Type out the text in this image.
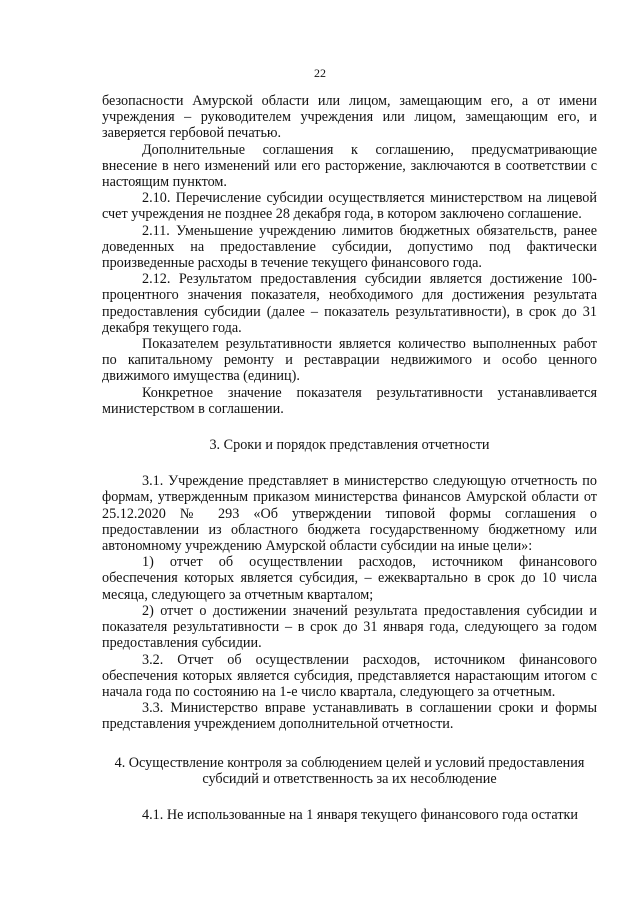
22

безопасности Амурской области или лицом, замещающим его, а от имени учреждения – руководителем учреждения или лицом, замещающим его, и заверяется гербовой печатью.

Дополнительные соглашения к соглашению, предусматривающие внесение в него изменений или его расторжение, заключаются в соответствии с настоящим пунктом.

2.10. Перечисление субсидии осуществляется министерством на лицевой счет учреждения не позднее 28 декабря года, в котором заключено соглашение.

2.11. Уменьшение учреждению лимитов бюджетных обязательств, ранее доведенных на предоставление субсидии, допустимо под фактически произведенные расходы в течение текущего финансового года.

2.12. Результатом предоставления субсидии является достижение 100-процентного значения показателя, необходимого для достижения результата предоставления субсидии (далее – показатель результативности), в срок до 31 декабря текущего года.

Показателем результативности является количество выполненных работ по капитальному ремонту и реставрации недвижимого и особо ценного движимого имущества (единиц).

Конкретное значение показателя результативности устанавливается министерством в соглашении.

3. Сроки и порядок представления отчетности

3.1. Учреждение представляет в министерство следующую отчетность по формам, утвержденным приказом министерства финансов Амурской области от 25.12.2020 № 293 «Об утверждении типовой формы соглашения о предоставлении из областного бюджета государственному бюджетному или автономному учреждению Амурской области субсидии на иные цели»:

1) отчет об осуществлении расходов, источником финансового обеспечения которых является субсидия, – ежеквартально в срок до 10 числа месяца, следующего за отчетным кварталом;

2) отчет о достижении значений результата предоставления субсидии и показателя результативности – в срок до 31 января года, следующего за годом предоставления субсидии.

3.2. Отчет об осуществлении расходов, источником финансового обеспечения которых является субсидия, представляется нарастающим итогом с начала года по состоянию на 1-е число квартала, следующего за отчетным.

3.3. Министерство вправе устанавливать в соглашении сроки и формы представления учреждением дополнительной отчетности.

4. Осуществление контроля за соблюдением целей и условий предоставления
субсидий и ответственность за их несоблюдение

4.1. Не использованные на 1 января текущего финансового года остатки
